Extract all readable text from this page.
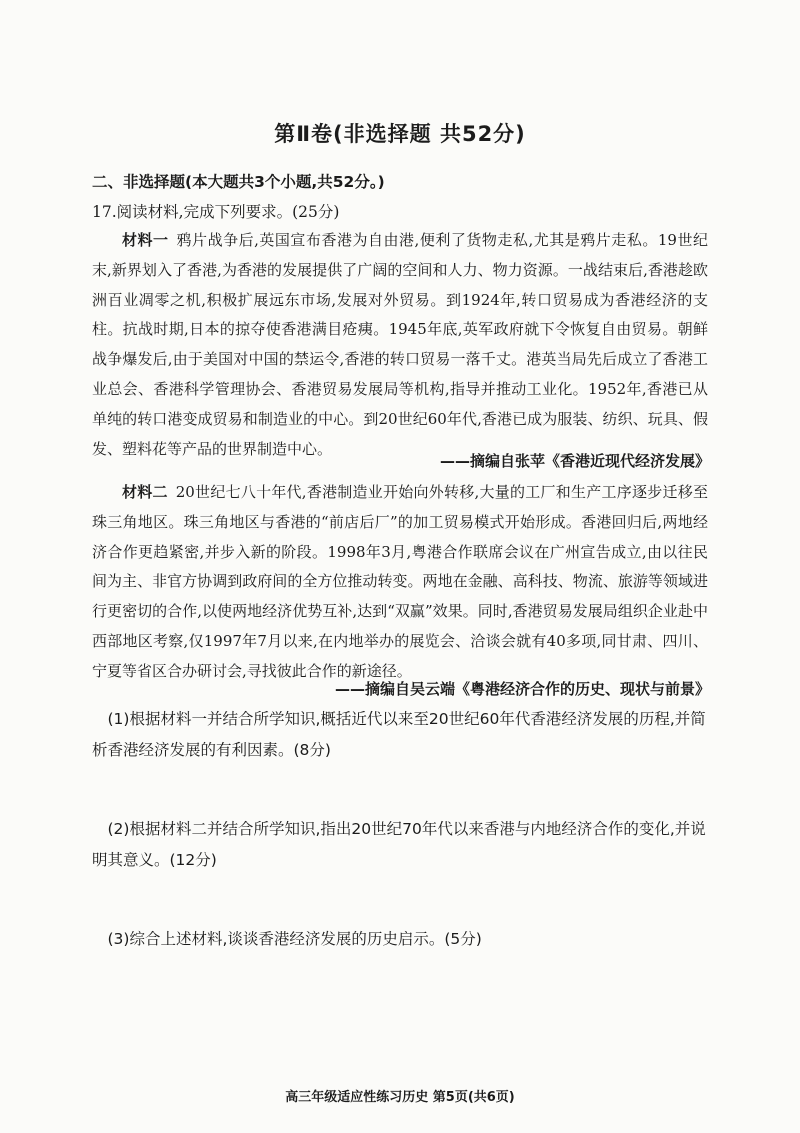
第Ⅱ卷(非选择题 共52分)
二、非选择题(本大题共3个小题,共52分。)
17.阅读材料,完成下列要求。(25分)
材料一 鸦片战争后,英国宣布香港为自由港,便利了货物走私,尤其是鸦片走私。19世纪末,新界划入了香港,为香港的发展提供了广阔的空间和人力、物力资源。一战结束后,香港趁欧洲百业凋零之机,积极扩展远东市场,发展对外贸易。到1924年,转口贸易成为香港经济的支柱。抗战时期,日本的掠夺使香港满目疮痍。1945年底,英军政府就下令恢复自由贸易。朝鲜战争爆发后,由于美国对中国的禁运令,香港的转口贸易一落千丈。港英当局先后成立了香港工业总会、香港科学管理协会、香港贸易发展局等机构,指导并推动工业化。1952年,香港已从单纯的转口港变成贸易和制造业的中心。到20世纪60年代,香港已成为服装、纺织、玩具、假发、塑料花等产品的世界制造中心。
——摘编自张苹《香港近现代经济发展》
材料二 20世纪七八十年代,香港制造业开始向外转移,大量的工厂和生产工序逐步迁移至珠三角地区。珠三角地区与香港的“前店后厂”的加工贸易模式开始形成。香港回归后,两地经济合作更趋紧密,并步入新的阶段。1998年3月,粤港合作联席会议在广州宣告成立,由以往民间为主、非官方协调到政府间的全方位推动转变。两地在金融、高科技、物流、旅游等领域进行更密切的合作,以使两地经济优势互补,达到“双赢”效果。同时,香港贸易发展局组织企业赴中西部地区考察,仅1997年7月以来,在内地举办的展览会、洽谈会就有40多项,同甘肃、四川、宁夏等省区合办研讨会,寻找彼此合作的新途径。
——摘编自吴云端《粤港经济合作的历史、现状与前景》
(1)根据材料一并结合所学知识,概括近代以来至20世纪60年代香港经济发展的历程,并简析香港经济发展的有利因素。(8分)
(2)根据材料二并结合所学知识,指出20世纪70年代以来香港与内地经济合作的变化,并说明其意义。(12分)
(3)综合上述材料,谈谈香港经济发展的历史启示。(5分)
高三年级适应性练习历史 第5页(共6页)
